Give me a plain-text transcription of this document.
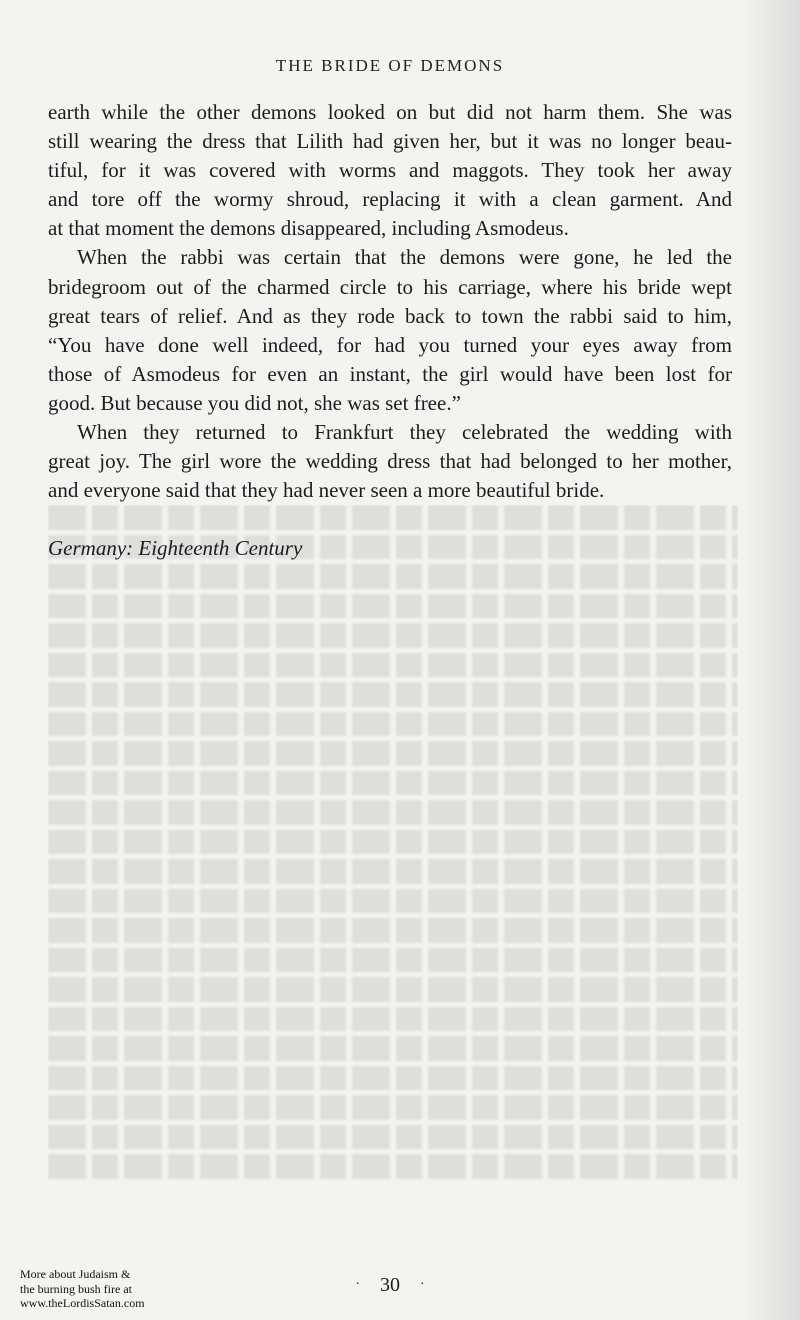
THE BRIDE OF DEMONS
earth while the other demons looked on but did not harm them. She was
still wearing the dress that Lilith had given her, but it was no longer beau-
tiful, for it was covered with worms and maggots. They took her away
and tore off the wormy shroud, replacing it with a clean garment. And
at that moment the demons disappeared, including Asmodeus.
When the rabbi was certain that the demons were gone, he led the
bridegroom out of the charmed circle to his carriage, where his bride wept
great tears of relief. And as they rode back to town the rabbi said to him,
“You have done well indeed, for had you turned your eyes away from
those of Asmodeus for even an instant, the girl would have been lost for
good. But because you did not, she was set free.”
When they returned to Frankfurt they celebrated the wedding with
great joy. The girl wore the wedding dress that had belonged to her mother,
and everyone said that they had never seen a more beautiful bride.
Germany: Eighteenth Century
· 30 ·
More about Judaism &
the burning bush fire at
www.theLordisSatan.com
